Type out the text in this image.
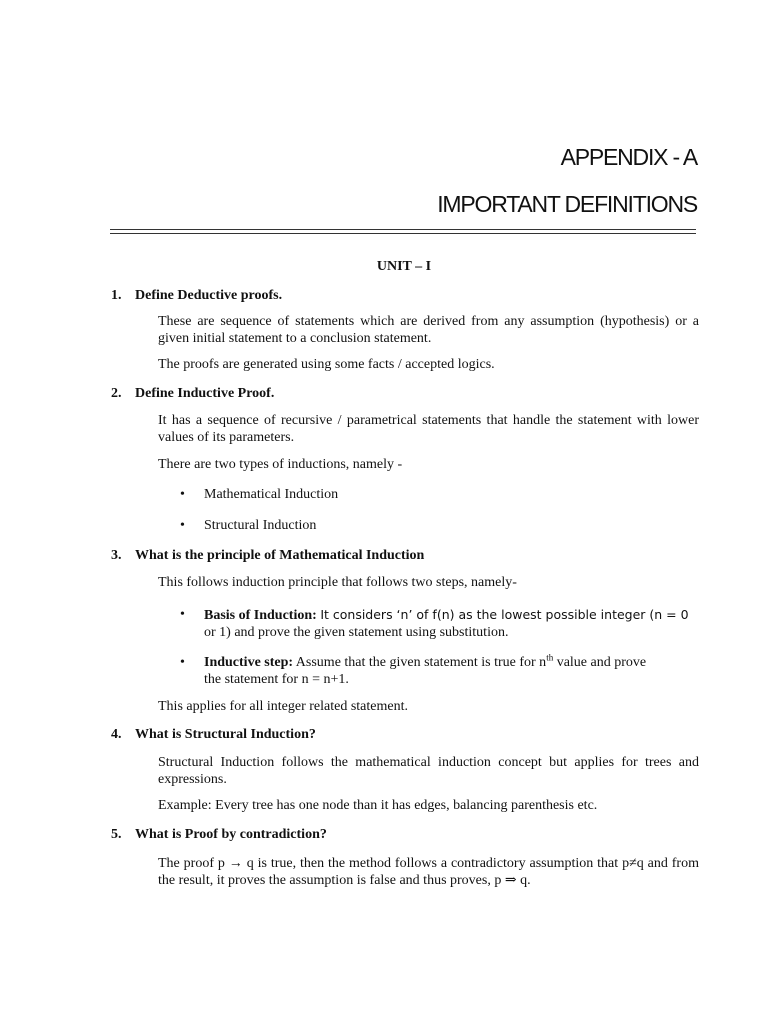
APPENDIX - A
IMPORTANT DEFINITIONS
UNIT – I
1. Define Deductive proofs.

These are sequence of statements which are derived from any assumption (hypothesis) or a given initial statement to a conclusion statement.

The proofs are generated using some facts / accepted logics.

2. Define Inductive Proof.

It has a sequence of recursive / parametrical statements that handle the statement with lower values of its parameters.

There are two types of inductions, namely -

• Mathematical Induction

• Structural Induction

3. What is the principle of Mathematical Induction

This follows induction principle that follows two steps, namely-

• Basis of Induction: It considers ‘n’ of f(n) as the lowest possible integer (n = 0
or 1) and prove the given statement using substitution.
• Inductive step: Assume that the given statement is true for $n^{th}$ value and prove
the statement for n = n+1.

This applies for all integer related statement.

4. What is Structural Induction?

Structural Induction follows the mathematical induction concept but applies for trees and expressions.

Example: Every tree has one node than it has edges, balancing parenthesis etc.

5. What is Proof by contradiction?

The proof p → q is true, then the method follows a contradictory assumption that p≠q and from the result, it proves the assumption is false and thus proves, p ⇒ q.
